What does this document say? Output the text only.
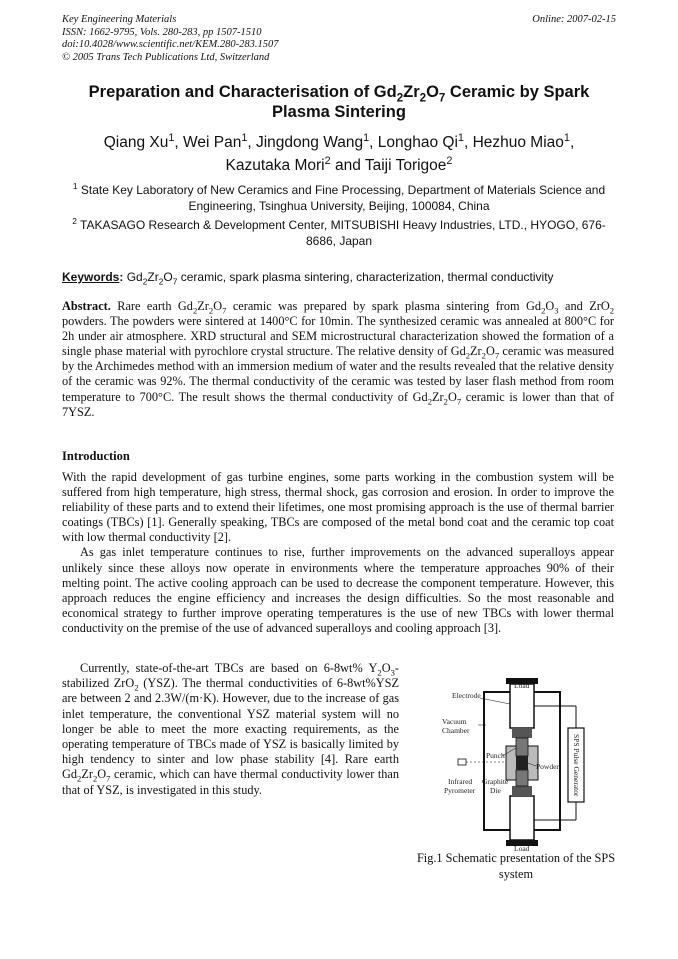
Key Engineering Materials
ISSN: 1662-9795, Vols. 280-283, pp 1507-1510
doi:10.4028/www.scientific.net/KEM.280-283.1507
© 2005 Trans Tech Publications Ltd, Switzerland
Online: 2007-02-15
Preparation and Characterisation of $Gd_2Zr_2O_7$ Ceramic by Spark Plasma Sintering
Qiang Xu$^1$, Wei Pan$^1$, Jingdong Wang$^1$, Longhao Qi$^1$, Hezhuo Miao$^1$,
Kazutaka Mori$^2$ and Taiji Torigoe$^2$
$^1$ State Key Laboratory of New Ceramics and Fine Processing, Department of Materials Science and Engineering, Tsinghua University, Beijing, 100084, China
$^2$ TAKASAGO Research & Development Center, MITSUBISHI Heavy Industries, LTD., HYOGO, 676-8686, Japan
Keywords: $Gd_2Zr_2O_7$ ceramic, spark plasma sintering, characterization, thermal conductivity
Abstract. Rare earth $Gd_2Zr_2O_7$ ceramic was prepared by spark plasma sintering from $Gd_2O_3$ and ZrO$_2$ powders. The powders were sintered at 1400°C for 10min. The synthesized ceramic was annealed at 800°C for 2h under air atmosphere. XRD structural and SEM microstructural characterization showed the formation of a single phase material with pyrochlore crystal structure. The relative density of $Gd_2Zr_2O_7$ ceramic was measured by the Archimedes method with an immersion medium of water and the results revealed that the relative density of the ceramic was 92%. The thermal conductivity of the ceramic was tested by laser flash method from room temperature to 700°C. The result shows the thermal conductivity of $Gd_2Zr_2O_7$ ceramic is lower than that of 7YSZ.
Introduction

With the rapid development of gas turbine engines, some parts working in the combustion system will be suffered from high temperature, high stress, thermal shock, gas corrosion and erosion. In order to improve the reliability of these parts and to extend their lifetimes, one most promising approach is the use of thermal barrier coatings (TBCs) [1]. Generally speaking, TBCs are composed of the metal bond coat and the ceramic top coat with low thermal conductivity [2].

As gas inlet temperature continues to rise, further improvements on the advanced superalloys appear unlikely since these alloys now operate in environments where the temperature approaches 90% of their melting point. The active cooling approach can be used to decrease the component temperature. However, this approach reduces the engine efficiency and increases the design difficulties. So the most reasonable and economical strategy to further improve operating temperatures is the use of new TBCs with lower thermal conductivity on the premise of the use of advanced superalloys and cooling approach [3].

Currently, state-of-the-art TBCs are based on 6-8wt% $Y_2O_3$-stabilized ZrO$_2$ (YSZ). The thermal conductivities of 6-8wt%YSZ are between 2 and 2.3W/(m·K). However, due to the increase of gas inlet temperature, the conventional YSZ material system will no longer be able to meet the more exacting requirements, as the operating temperature of TBCs made of YSZ is basically limited by high tendency to sinter and low phase stability [4]. Rare earth $Gd_2Zr_2O_7$ ceramic, which can have thermal conductivity lower than that of YSZ, is investigated in this study.

Load
Electrode
Vacuum
Chamber
Punch
Powder
Infrared
Pyrometer
Graphite
Die
Load
SPS Pulse Generator
Fig.1 Schematic presentation of the SPS system
